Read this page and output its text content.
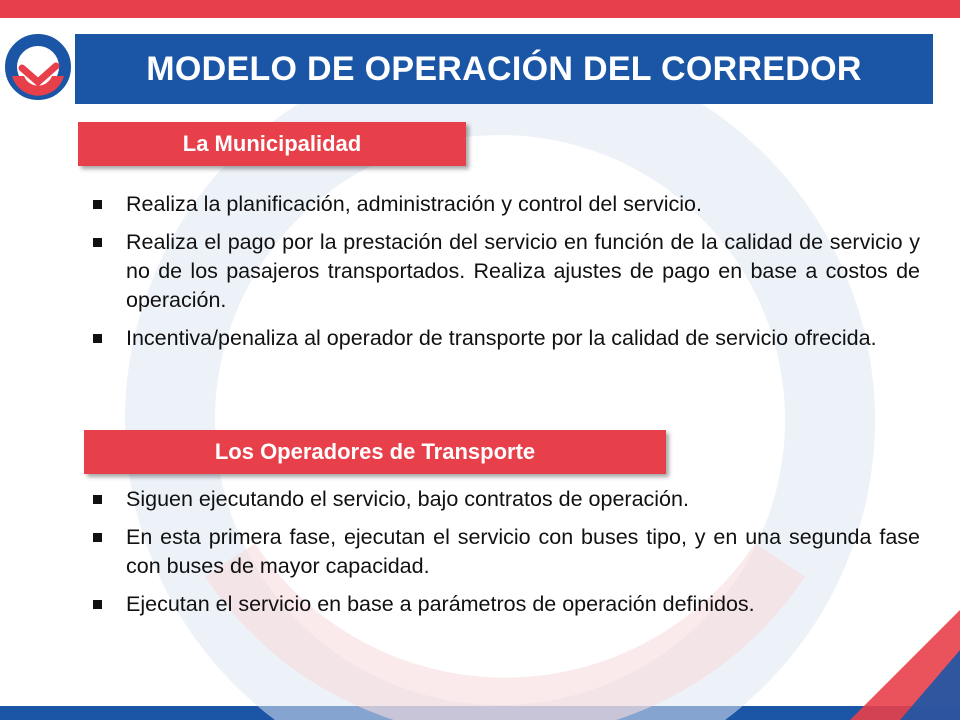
MODELO DE OPERACIÓN DEL CORREDOR
La Municipalidad
Realiza la planificación, administración y control del servicio.
Realiza el pago por la prestación del servicio en función de la calidad de servicio y no de los pasajeros transportados. Realiza ajustes de pago en base a costos de operación.
Incentiva/penaliza al operador de transporte por la calidad de servicio ofrecida.
Los Operadores de Transporte
Siguen ejecutando el servicio, bajo contratos de operación.
En esta primera fase, ejecutan el servicio con buses tipo, y en una segunda fase con buses de mayor capacidad.
Ejecutan el servicio en base a parámetros de operación definidos.
